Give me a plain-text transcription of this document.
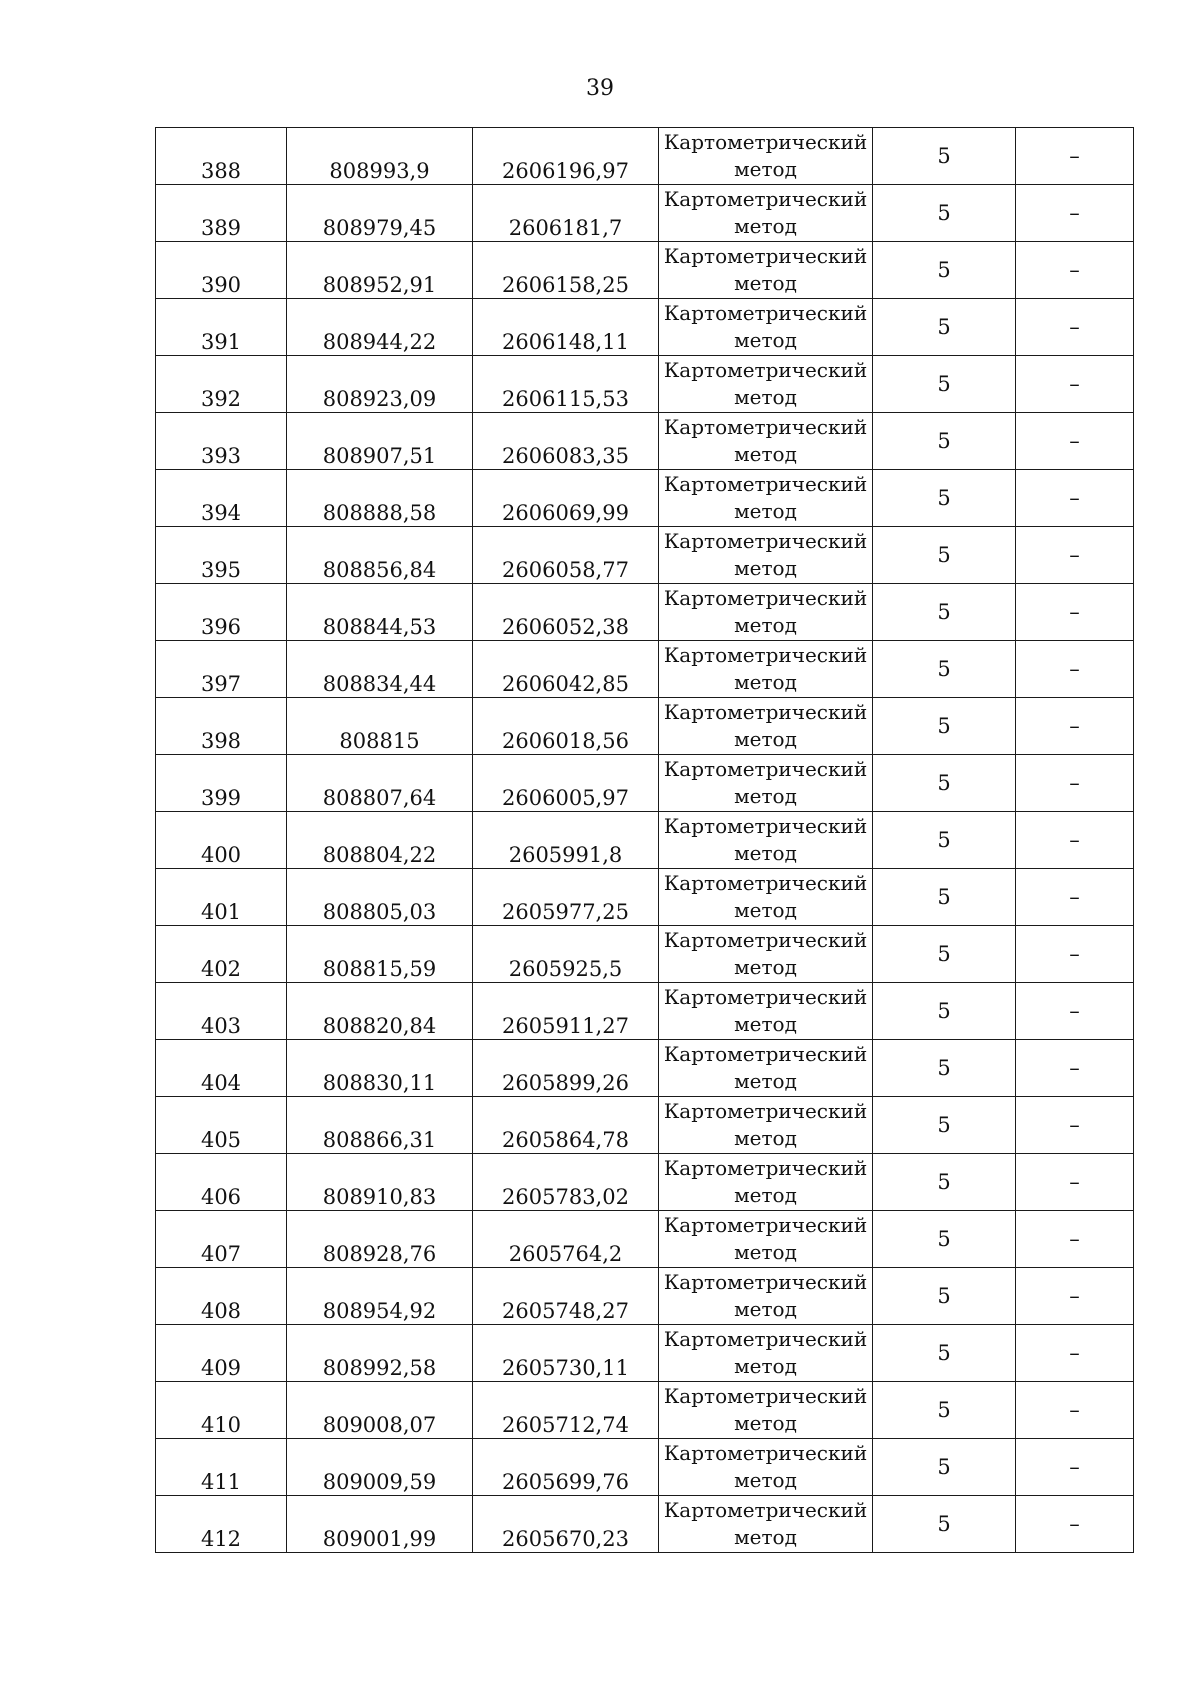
39
388	808993,9	2606196,97	Картометрический
метод	5	–
389	808979,45	2606181,7	Картометрический
метод	5	–
390	808952,91	2606158,25	Картометрический
метод	5	–
391	808944,22	2606148,11	Картометрический
метод	5	–
392	808923,09	2606115,53	Картометрический
метод	5	–
393	808907,51	2606083,35	Картометрический
метод	5	–
394	808888,58	2606069,99	Картометрический
метод	5	–
395	808856,84	2606058,77	Картометрический
метод	5	–
396	808844,53	2606052,38	Картометрический
метод	5	–
397	808834,44	2606042,85	Картометрический
метод	5	–
398	808815	2606018,56	Картометрический
метод	5	–
399	808807,64	2606005,97	Картометрический
метод	5	–
400	808804,22	2605991,8	Картометрический
метод	5	–
401	808805,03	2605977,25	Картометрический
метод	5	–
402	808815,59	2605925,5	Картометрический
метод	5	–
403	808820,84	2605911,27	Картометрический
метод	5	–
404	808830,11	2605899,26	Картометрический
метод	5	–
405	808866,31	2605864,78	Картометрический
метод	5	–
406	808910,83	2605783,02	Картометрический
метод	5	–
407	808928,76	2605764,2	Картометрический
метод	5	–
408	808954,92	2605748,27	Картометрический
метод	5	–
409	808992,58	2605730,11	Картометрический
метод	5	–
410	809008,07	2605712,74	Картометрический
метод	5	–
411	809009,59	2605699,76	Картометрический
метод	5	–
412	809001,99	2605670,23	Картометрический
метод	5	–
